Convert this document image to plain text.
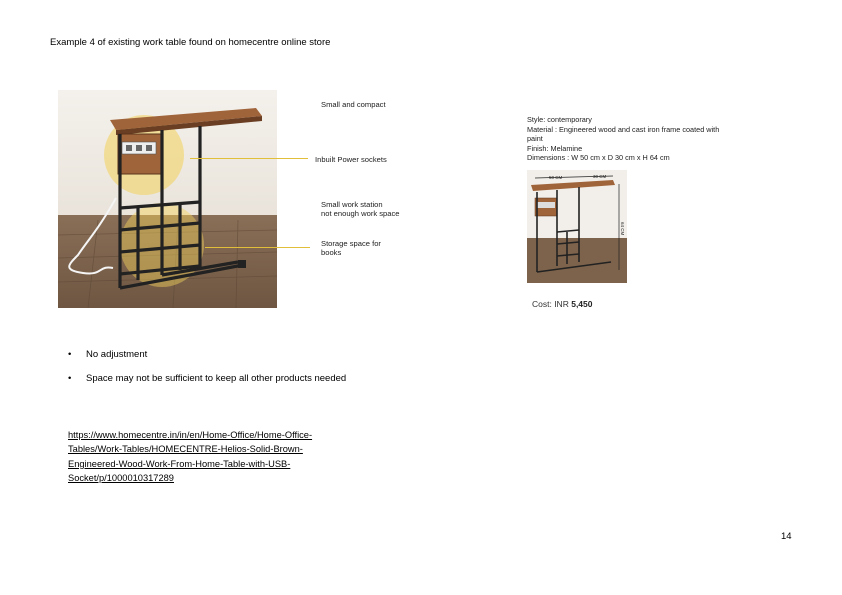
Example 4 of existing work table found on homecentre online store
Small and compact
Inbuilt Power sockets
Small work station
not enough work space
Storage space for
books
Style: contemporary
Material : Engineered wood and cast iron frame coated with
paint
Finish: Melamine
Dimensions : W 50 cm x D 30 cm x H 64 cm
50 CM	30 CM
64 CM
Cost: INR 5,450
• No adjustment
• Space may not be sufficient to keep all other products needed
https://www.homecentre.in/in/en/Home-Office/Home-Office-
Tables/Work-Tables/HOMECENTRE-Helios-Solid-Brown-
Engineered-Wood-Work-From-Home-Table-with-USB-
Socket/p/1000010317289
14
